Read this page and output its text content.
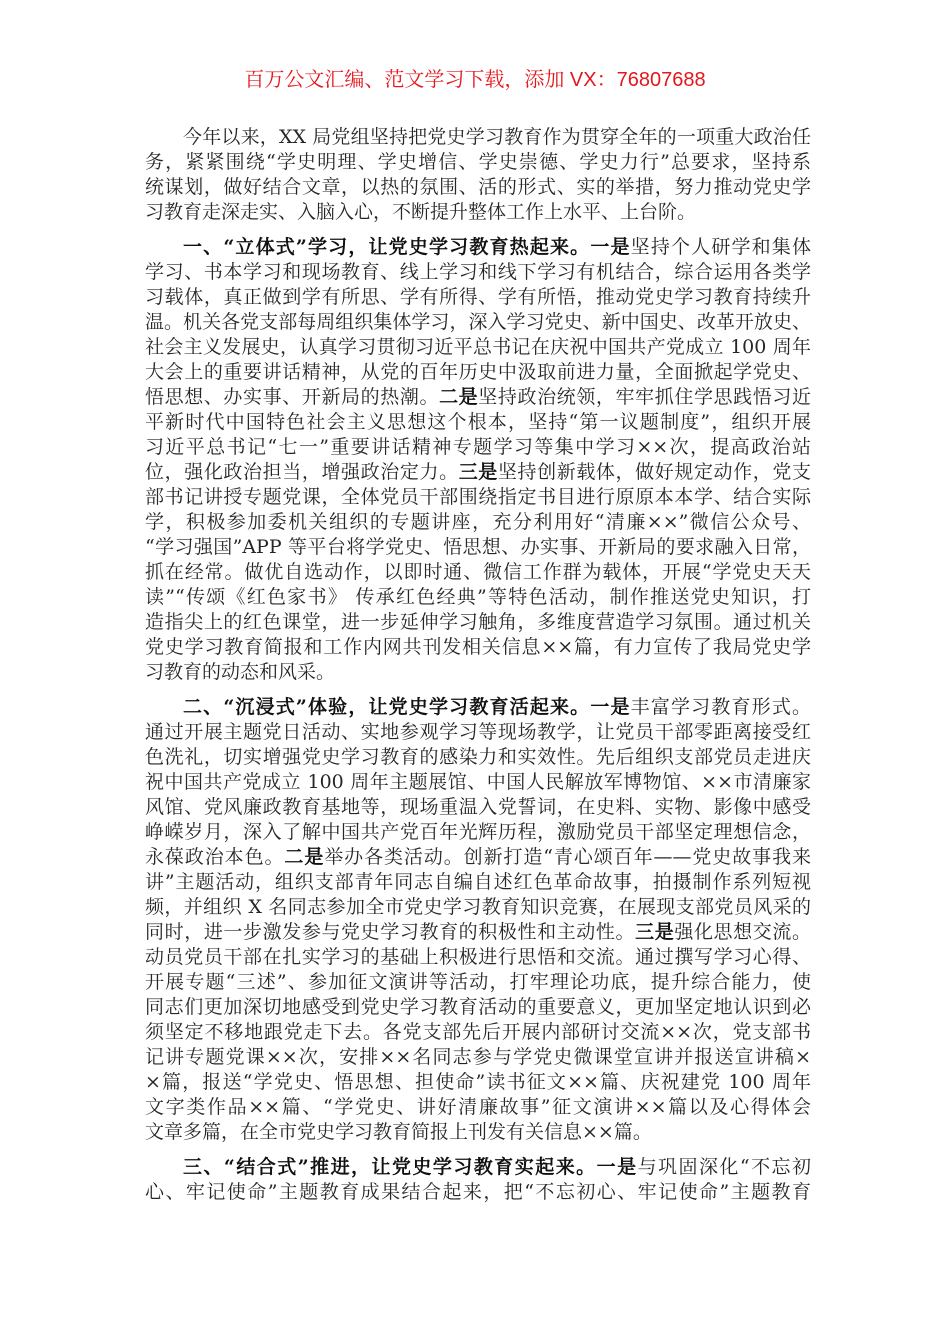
百万公文汇编、范文学习下载，添加 VX：76807688
今年以来，XX 局党组坚持把党史学习教育作为贯穿全年的一项重大政治任
务，紧紧围绕“学史明理、学史增信、学史崇德、学史力行”总要求，坚持系
统谋划，做好结合文章，以热的氛围、活的形式、实的举措，努力推动党史学
习教育走深走实、入脑入心，不断提升整体工作上水平、上台阶。
一、“立体式”学习，让党史学习教育热起来。一是坚持个人研学和集体
学习、书本学习和现场教育、线上学习和线下学习有机结合，综合运用各类学
习载体，真正做到学有所思、学有所得、学有所悟，推动党史学习教育持续升
温。机关各党支部每周组织集体学习，深入学习党史、新中国史、改革开放史、
社会主义发展史，认真学习贯彻习近平总书记在庆祝中国共产党成立 100 周年
大会上的重要讲话精神，从党的百年历史中汲取前进力量，全面掀起学党史、
悟思想、办实事、开新局的热潮。二是坚持政治统领，牢牢抓住学思践悟习近
平新时代中国特色社会主义思想这个根本，坚持“第一议题制度”，组织开展
习近平总书记“七一”重要讲话精神专题学习等集中学习××次，提高政治站
位，强化政治担当，增强政治定力。三是坚持创新载体，做好规定动作，党支
部书记讲授专题党课，全体党员干部围绕指定书目进行原原本本学、结合实际
学，积极参加委机关组织的专题讲座，充分利用好“清廉××”微信公众号、
“学习强国”APP 等平台将学党史、悟思想、办实事、开新局的要求融入日常，
抓在经常。做优自选动作，以即时通、微信工作群为载体，开展“学党史天天
读”“传颂《红色家书》 传承红色经典”等特色活动，制作推送党史知识，打
造指尖上的红色课堂，进一步延伸学习触角，多维度营造学习氛围。通过机关
党史学习教育简报和工作内网共刊发相关信息××篇，有力宣传了我局党史学
习教育的动态和风采。
二、“沉浸式”体验，让党史学习教育活起来。一是丰富学习教育形式。
通过开展主题党日活动、实地参观学习等现场教学，让党员干部零距离接受红
色洗礼，切实增强党史学习教育的感染力和实效性。先后组织支部党员走进庆
祝中国共产党成立 100 周年主题展馆、中国人民解放军博物馆、××市清廉家
风馆、党风廉政教育基地等，现场重温入党誓词，在史料、实物、影像中感受
峥嵘岁月，深入了解中国共产党百年光辉历程，激励党员干部坚定理想信念，
永葆政治本色。二是举办各类活动。创新打造“青心颂百年——党史故事我来
讲”主题活动，组织支部青年同志自编自述红色革命故事，拍摄制作系列短视
频，并组织 X 名同志参加全市党史学习教育知识竞赛，在展现支部党员风采的
同时，进一步激发参与党史学习教育的积极性和主动性。三是强化思想交流。
动员党员干部在扎实学习的基础上积极进行思悟和交流。通过撰写学习心得、
开展专题“三述”、参加征文演讲等活动，打牢理论功底，提升综合能力，使
同志们更加深切地感受到党史学习教育活动的重要意义，更加坚定地认识到必
须坚定不移地跟党走下去。各党支部先后开展内部研讨交流××次，党支部书
记讲专题党课××次，安排××名同志参与学党史微课堂宣讲并报送宣讲稿×
×篇，报送“学党史、悟思想、担使命”读书征文××篇、庆祝建党 100 周年
文字类作品××篇、“学党史、讲好清廉故事”征文演讲××篇以及心得体会
文章多篇，在全市党史学习教育简报上刊发有关信息××篇。
三、“结合式”推进，让党史学习教育实起来。一是与巩固深化“不忘初
心、牢记使命”主题教育成果结合起来，把“不忘初心、牢记使命”主题教育
